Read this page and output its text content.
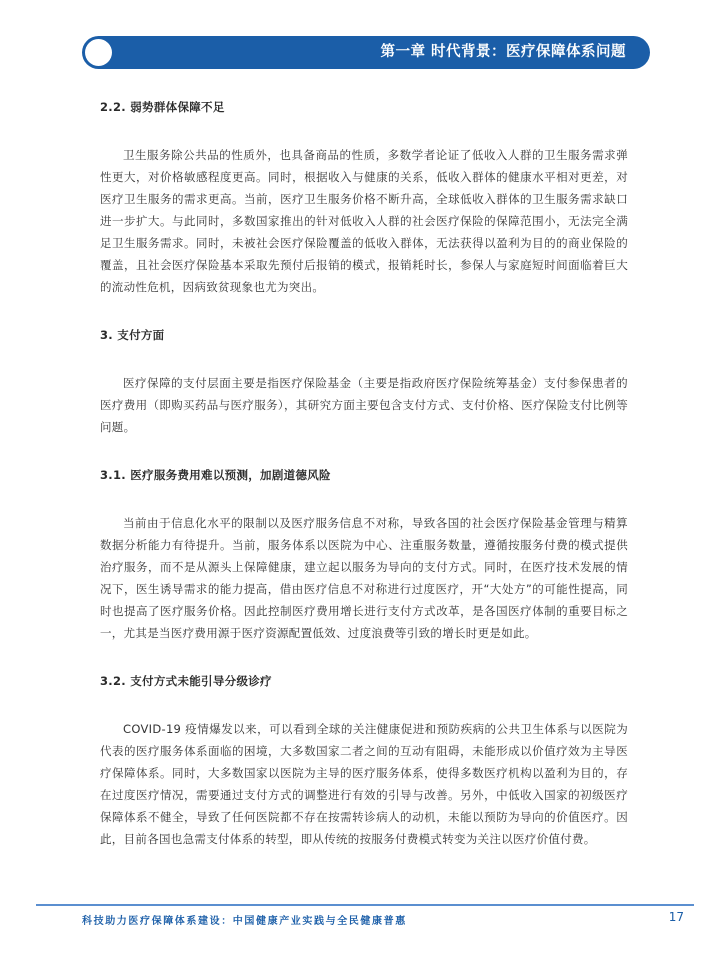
第一章 时代背景：医疗保障体系问题
2.2. 弱势群体保障不足

卫生服务除公共品的性质外，也具备商品的性质，多数学者论证了低收入人群的卫生服务需求弹性更大，对价格敏感程度更高。同时，根据收入与健康的关系，低收入群体的健康水平相对更差，对医疗卫生服务的需求更高。当前，医疗卫生服务价格不断升高，全球低收入群体的卫生服务需求缺口进一步扩大。与此同时，多数国家推出的针对低收入人群的社会医疗保险的保障范围小，无法完全满足卫生服务需求。同时，未被社会医疗保险覆盖的低收入群体，无法获得以盈利为目的的商业保险的覆盖，且社会医疗保险基本采取先预付后报销的模式，报销耗时长，参保人与家庭短时间面临着巨大的流动性危机，因病致贫现象也尤为突出。

3. 支付方面

医疗保障的支付层面主要是指医疗保险基金（主要是指政府医疗保险统筹基金）支付参保患者的医疗费用（即购买药品与医疗服务），其研究方面主要包含支付方式、支付价格、医疗保险支付比例等问题。

3.1. 医疗服务费用难以预测，加剧道德风险

当前由于信息化水平的限制以及医疗服务信息不对称，导致各国的社会医疗保险基金管理与精算数据分析能力有待提升。当前，服务体系以医院为中心、注重服务数量，遵循按服务付费的模式提供治疗服务，而不是从源头上保障健康，建立起以服务为导向的支付方式。同时，在医疗技术发展的情况下，医生诱导需求的能力提高，借由医疗信息不对称进行过度医疗，开“大处方”的可能性提高，同时也提高了医疗服务价格。因此控制医疗费用增长进行支付方式改革，是各国医疗体制的重要目标之一，尤其是当医疗费用源于医疗资源配置低效、过度浪费等引致的增长时更是如此。

3.2. 支付方式未能引导分级诊疗

COVID-19 疫情爆发以来，可以看到全球的关注健康促进和预防疾病的公共卫生体系与以医院为代表的医疗服务体系面临的困境，大多数国家二者之间的互动有阻碍，未能形成以价值疗效为主导医疗保障体系。同时，大多数国家以医院为主导的医疗服务体系，使得多数医疗机构以盈利为目的，存在过度医疗情况，需要通过支付方式的调整进行有效的引导与改善。另外，中低收入国家的初级医疗保障体系不健全，导致了任何医院都不存在按需转诊病人的动机，未能以预防为导向的价值医疗。因此，目前各国也急需支付体系的转型，即从传统的按服务付费模式转变为关注以医疗价值付费。

科技助力医疗保障体系建设：中国健康产业实践与全民健康普惠	17
